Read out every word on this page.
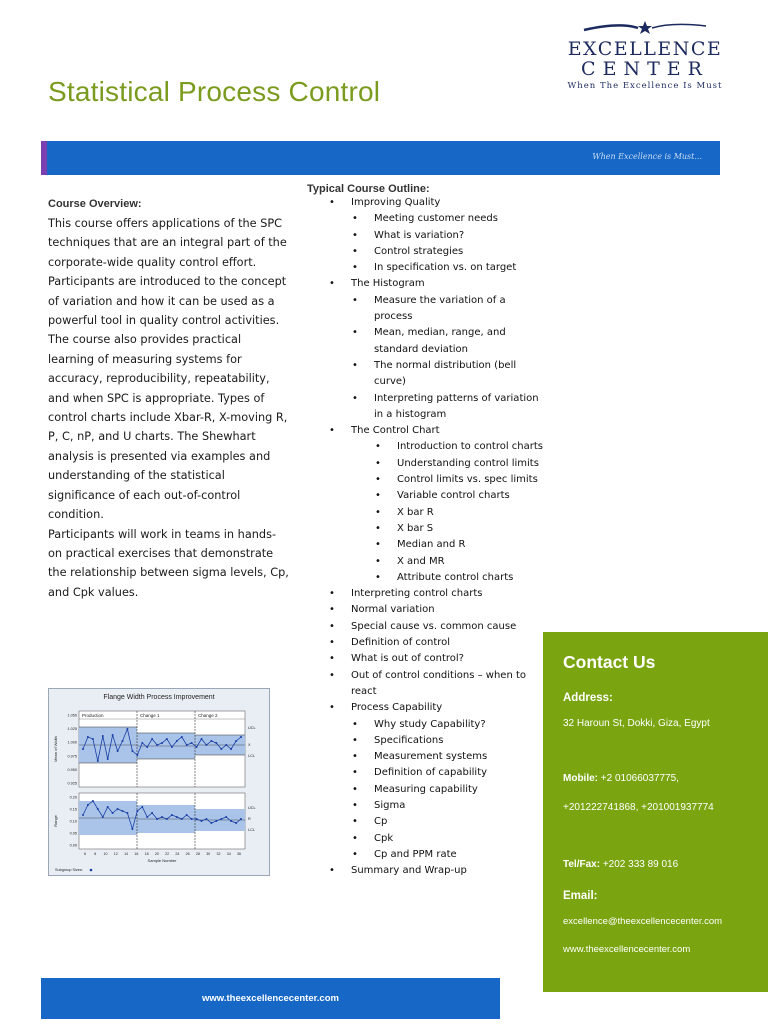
Statistical Process Control
EXCELLENCE
CENTER
When The Excellence Is Must
When Excellence is Must...
Course Overview:

This course offers applications of the SPC techniques that are an integral part of the corporate-wide quality control effort. Participants are introduced to the concept of variation and how it can be used as a powerful tool in quality control activities.

The course also provides practical learning of measuring systems for accuracy, reproducibility, repeatability, and when SPC is appropriate. Types of control charts include Xbar-R, X-moving R, P, C, nP, and U charts. The Shewhart analysis is presented via examples and understanding of the statistical significance of each out-of-control condition.

Participants will work in teams in hands-on practical exercises that demonstrate the relationship between sigma levels, Cp, and Cpk values.

Flange Width Process Improvement
Production	Change 1	Change 2
1.050
1.025
1.000
0.975
0.950
0.925
0.20
0.15
0.10
0.05
0.00
6 8 10 12 14 16 18 20 22 24 26 28 30 32 34 36
Mean of Width
Range
Sample Number
UCL
X
LCL
UCL
R
LCL
Subgroup Sizes:
Typical Course Outline:
• Improving Quality
• Meeting customer needs
• What is variation?
• Control strategies
• In specification vs. on target
• The Histogram
• Measure the variation of a
process
• Mean, median, range, and
standard deviation
• The normal distribution (bell
curve)
• Interpreting patterns of variation
in a histogram
• The Control Chart
• Introduction to control charts
• Understanding control limits
• Control limits vs. spec limits
• Variable control charts
• X bar R
• X bar S
• Median and R
• X and MR
• Attribute control charts
• Interpreting control charts
• Normal variation
• Special cause vs. common cause
• Definition of control
• What is out of control?
• Out of control conditions – when to
react
• Process Capability
• Why study Capability?
• Specifications
• Measurement systems
• Definition of capability
• Measuring capability
• Sigma
• Cp
• Cpk
• Cp and PPM rate
• Summary and Wrap-up
Contact Us
Address:
32 Haroun St, Dokki, Giza, Egypt
Mobile: +2 01066037775,
+201222741868, +201001937774
Tel/Fax: +202 333 89 016
Email:
excellence@theexcellencecenter.com
www.theexcellencecenter.com
www.theexcellencecenter.com
